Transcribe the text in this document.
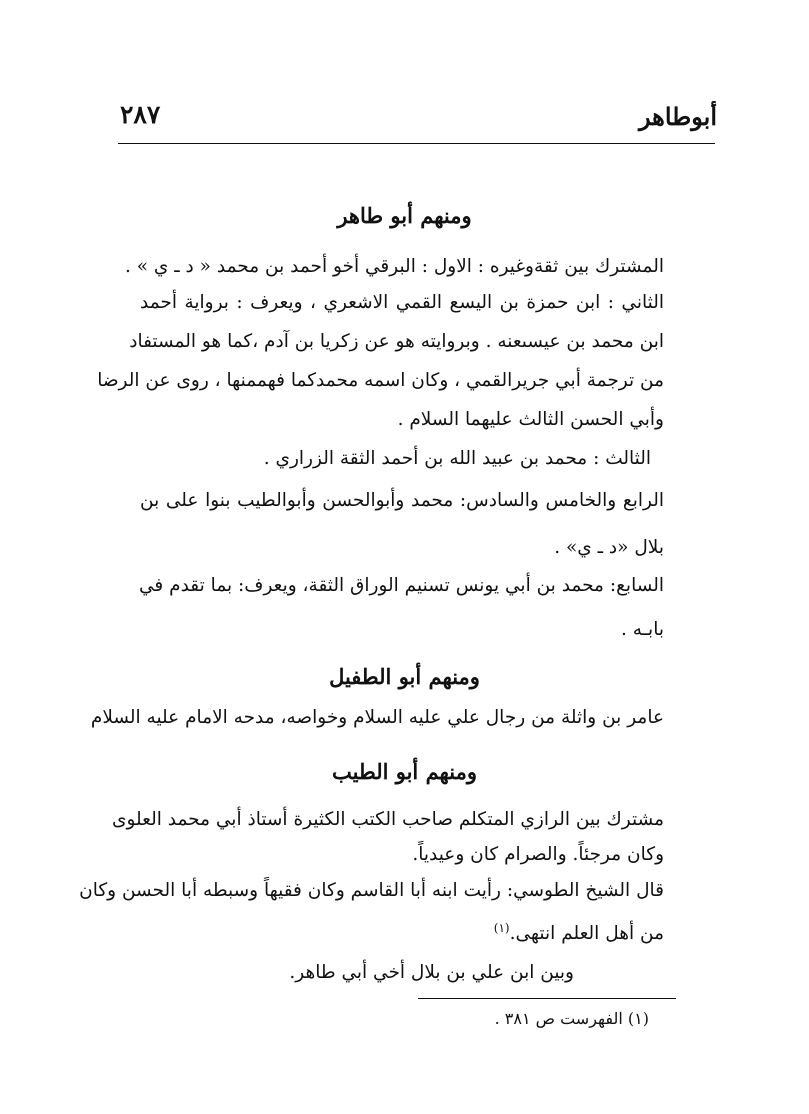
أبوطاهر
٢٨٧
ومنهم أبو طاهر
المشترك بين ثقةوغيره : الاول : البرقي أخو أحمد بن محمد « د ـ ي » .
الثاني : ابن حمزة بن اليسع القمي الاشعري ، ويعرف : برواية أحمد
ابن محمد بن عيسىعنه . وبروايته هو عن زكريا بن آدم ،كما هو المستفاد
من ترجمة أبي جريرالقمي ، وكان اسمه محمدكما فهممنها ، روى عن الرضا
وأبي الحسن الثالث عليهما السلام .
الثالث : محمد بن عبيد الله بن أحمد الثقة الزراري .
الرابع والخامس والسادس: محمد وأبوالحسن وأبوالطيب بنوا على بن
بلال «د ـ ي» .
السابع: محمد بن أبي يونس تسنيم الوراق الثقة، ويعرف: بما تقدم في
بابـه .
ومنهم أبو الطفيل
عامر بن واثلة من رجال علي عليه السلام وخواصه، مدحه الامام عليه السلام
ومنهم أبو الطيب
مشترك بين الرازي المتكلم صاحب الكتب الكثيرة أستاذ أبي محمد العلوى
وكان مرجئاً. والصرام كان وعيدياً.
قال الشيخ الطوسي: رأيت ابنه أبا القاسم وكان فقيهاً وسبطه أبا الحسن وكان
من أهل العلم انتهى.$^{(١)}$
وبين ابن علي بن بلال أخي أبي طاهر.
(١) الفهرست ص ٣٨١ .
